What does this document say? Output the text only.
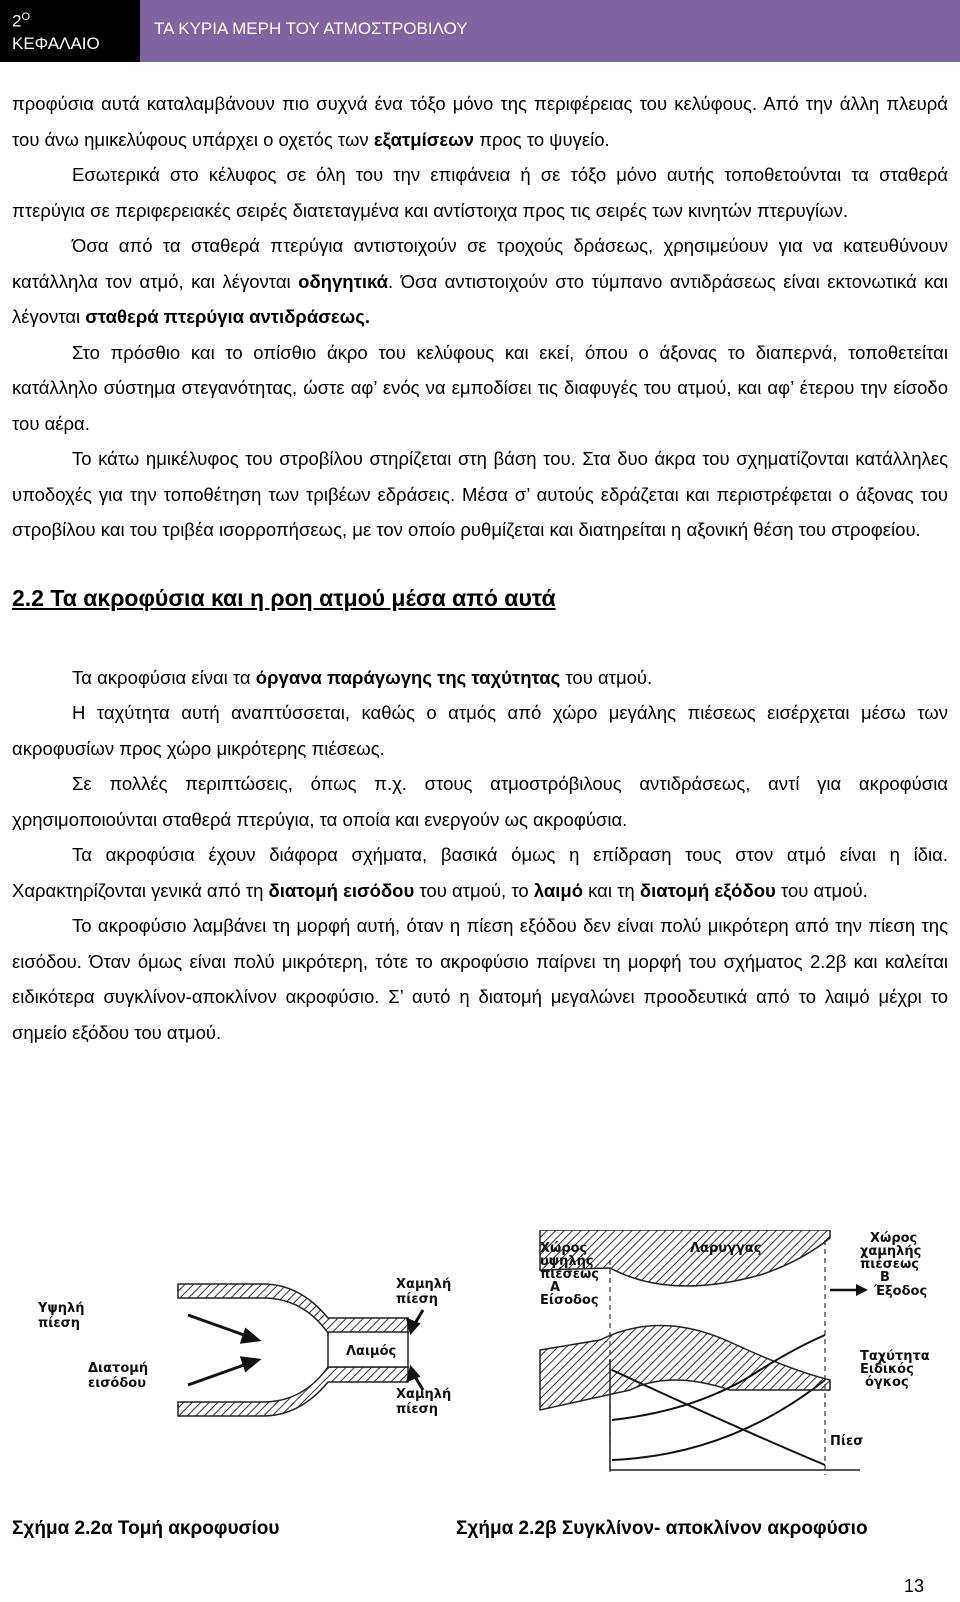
$2^O$
ΚΕΦΑΛΑΙΟ
ΤΑ ΚΥΡΙΑ ΜΕΡΗ ΤΟΥ ΑΤΜΟΣΤΡΟΒΙΛΟΥ

προφύσια αυτά καταλαμβάνουν πιο συχνά ένα τόξο μόνο της περιφέρειας του κελύφους. Από την άλλη πλευρά του άνω ημικελύφους υπάρχει ο οχετός των εξατμίσεων προς το ψυγείο.

Εσωτερικά στο κέλυφος σε όλη του την επιφάνεια ή σε τόξο μόνο αυτής τοποθετούνται τα σταθερά πτερύγια σε περιφερειακές σειρές διατεταγμένα και αντίστοιχα προς τις σειρές των κινητών πτερυγίων.

Όσα από τα σταθερά πτερύγια αντιστοιχούν σε τροχούς δράσεως, χρησιμεύουν για να κατευθύνουν κατάλληλα τον ατμό, και λέγονται οδηγητικά. Όσα αντιστοιχούν στο τύμπανο αντιδράσεως είναι εκτονωτικά και λέγονται σταθερά πτερύγια αντιδράσεως.

Στο πρόσθιο και το οπίσθιο άκρο του κελύφους και εκεί, όπου ο άξονας το διαπερνά, τοποθετείται κατάλληλο σύστημα στεγανότητας, ώστε αφ’ ενός να εμποδίσει τις διαφυγές του ατμού, και αφ’ έτερου την είσοδο του αέρα.

Το κάτω ημικέλυφος του στροβίλου στηρίζεται στη βάση του. Στα δυο άκρα του σχηματίζονται κατάλληλες υποδοχές για την τοποθέτηση των τριβέων εδράσεις. Μέσα σ’ αυτούς εδράζεται και περιστρέφεται ο άξονας του στροβίλου και του τριβέα ισορροπήσεως, με τον οποίο ρυθμίζεται και διατηρείται η αξονική θέση του στροφείου.

2.2 Τα ακροφύσια και η ροη ατμού μέσα από αυτά

Τα ακροφύσια είναι τα όργανα παράγωγης της ταχύτητας του ατμού.

Η ταχύτητα αυτή αναπτύσσεται, καθώς ο ατμός από χώρο μεγάλης πιέσεως εισέρχεται μέσω των ακροφυσίων προς χώρο μικρότερης πιέσεως.

Σε πολλές περιπτώσεις, όπως π.χ. στους ατμοστρόβιλους αντιδράσεως, αντί για ακροφύσια χρησιμοποιούνται σταθερά πτερύγια, τα οποία και ενεργούν ως ακροφύσια.

Τα ακροφύσια έχουν διάφορα σχήματα, βασικά όμως η επίδραση τους στον ατμό είναι η ίδια. Χαρακτηρίζονται γενικά από τη διατομή εισόδου του ατμού, το λαιμό και τη διατομή εξόδου του ατμού.

Το ακροφύσιο λαμβάνει τη μορφή αυτή, όταν η πίεση εξόδου δεν είναι πολύ μικρότερη από την πίεση της εισόδου. Όταν όμως είναι πολύ μικρότερη, τότε το ακροφύσιο παίρνει τη μορφή του σχήματος 2.2β και καλείται ειδικότερα συγκλίνον-αποκλίνον ακροφύσιο. Σ’ αυτό η διατομή μεγαλώνει προοδευτικά από το λαιμό μέχρι το σημείο εξόδου του ατμού.

Υψηλή
πίεση
Διατομή
εισόδου
Λαιμός
Χαμηλή
πίεση
Χαμηλή
πίεση
Λάρυγγας
Χώρος
υψηλής
πιέσεως
Α
Είσοδος
Χώρος
χαμηλής
πιέσεως
Β
Έξοδος
Ταχύτητα
Ειδικός
όγκος
Πίεσ
Σχήμα 2.2α Τομή ακροφυσίου	Σχήμα 2.2β Συγκλίνον- αποκλίνον ακροφύσιο
13
